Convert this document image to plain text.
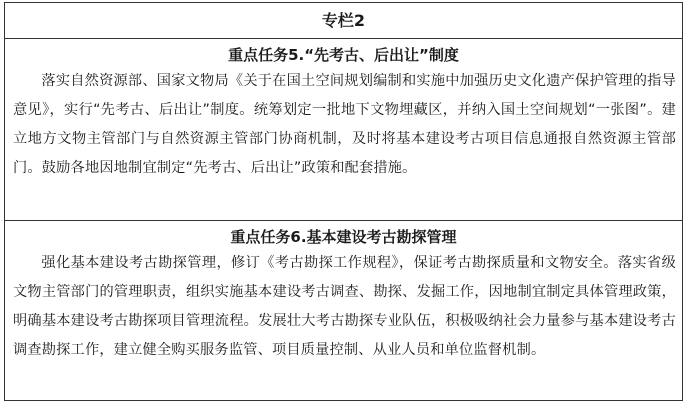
专栏2

重点任务5.“先考古、后出让”制度

落实自然资源部、国家文物局《关于在国土空间规划编制和实施中加强历史文化遗产保护管理的指导意见》，实行“先考古、后出让”制度。统筹划定一批地下文物埋藏区，并纳入国土空间规划“一张图”。建立地方文物主管部门与自然资源主管部门协商机制，及时将基本建设考古项目信息通报自然资源主管部门。鼓励各地因地制宜制定“先考古、后出让”政策和配套措施。

重点任务6.基本建设考古勘探管理

强化基本建设考古勘探管理，修订《考古勘探工作规程》，保证考古勘探质量和文物安全。落实省级文物主管部门的管理职责，组织实施基本建设考古调查、勘探、发掘工作，因地制宜制定具体管理政策，明确基本建设考古勘探项目管理流程。发展壮大考古勘探专业队伍，积极吸纳社会力量参与基本建设考古调查勘探工作，建立健全购买服务监管、项目质量控制、从业人员和单位监督机制。
